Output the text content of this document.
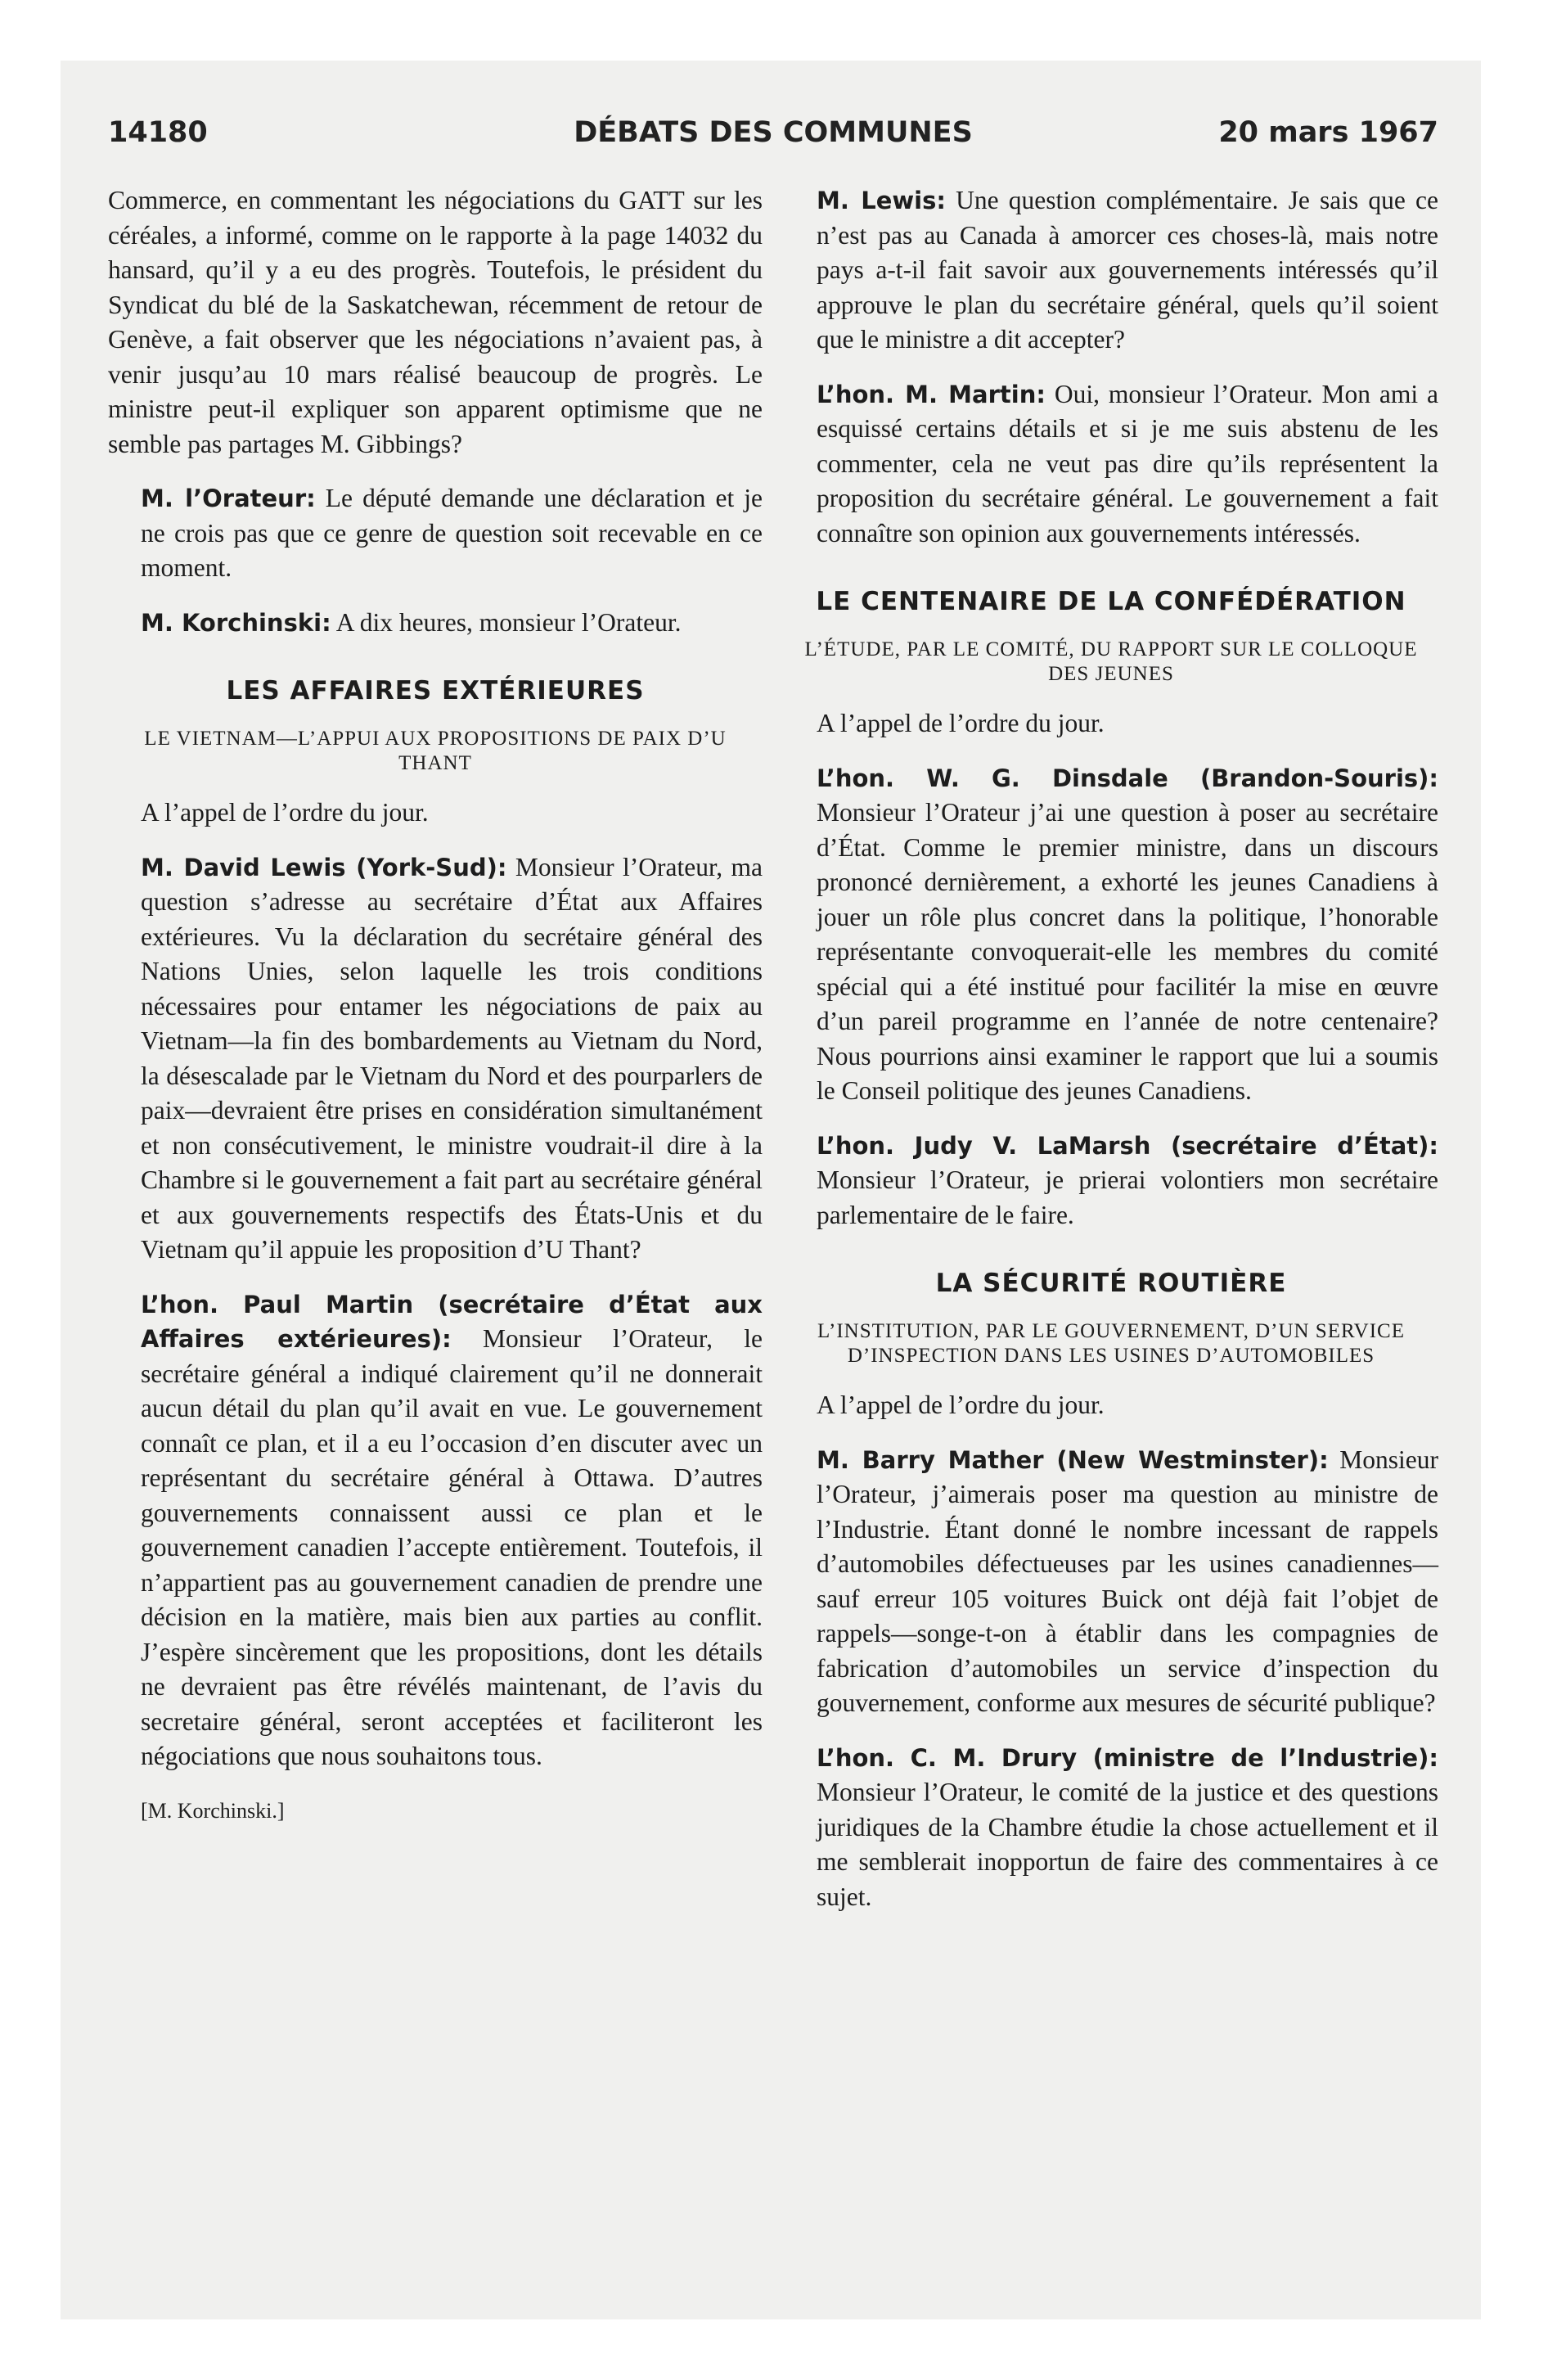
14180	DÉBATS DES COMMUNES	20 mars 1967

Commerce, en commentant les négociations du GATT sur les céréales, a informé, comme on le rapporte à la page 14032 du hansard, qu’il y a eu des progrès. Toutefois, le président du Syndicat du blé de la Saskatchewan, récemment de retour de Genève, a fait observer que les négociations n’avaient pas, à venir jusqu’au 10 mars réalisé beaucoup de progrès. Le ministre peut-il expliquer son apparent optimisme que ne semble pas partages M. Gibbings?

M. l’Orateur: Le député demande une déclaration et je ne crois pas que ce genre de question soit recevable en ce moment.

M. Korchinski: A dix heures, monsieur l’Orateur.

LES AFFAIRES EXTÉRIEURES
LE VIETNAM—L’APPUI AUX PROPOSITIONS DE PAIX D’U THANT

A l’appel de l’ordre du jour.

M. David Lewis (York-Sud): Monsieur l’Orateur, ma question s’adresse au secrétaire d’État aux Affaires extérieures. Vu la déclaration du secrétaire général des Nations Unies, selon laquelle les trois conditions nécessaires pour entamer les négociations de paix au Vietnam—la fin des bombardements au Vietnam du Nord, la désescalade par le Vietnam du Nord et des pourparlers de paix—devraient être prises en considération simultanément et non consécutivement, le ministre voudrait-il dire à la Chambre si le gouvernement a fait part au secrétaire général et aux gouvernements respectifs des États-Unis et du Vietnam qu’il appuie les proposition d’U Thant?

L’hon. Paul Martin (secrétaire d’État aux Affaires extérieures): Monsieur l’Orateur, le secrétaire général a indiqué clairement qu’il ne donnerait aucun détail du plan qu’il avait en vue. Le gouvernement connaît ce plan, et il a eu l’occasion d’en discuter avec un représentant du secrétaire général à Ottawa. D’autres gouvernements connaissent aussi ce plan et le gouvernement canadien l’accepte entièrement. Toutefois, il n’appartient pas au gouvernement canadien de prendre une décision en la matière, mais bien aux parties au conflit. J’espère sincèrement que les propositions, dont les détails ne devraient pas être révélés maintenant, de l’avis du secretaire général, seront acceptées et faciliteront les négociations que nous souhaitons tous.

[M. Korchinski.]

M. Lewis: Une question complémentaire. Je sais que ce n’est pas au Canada à amorcer ces choses-là, mais notre pays a-t-il fait savoir aux gouvernements intéressés qu’il approuve le plan du secrétaire général, quels qu’il soient que le ministre a dit accepter?

L’hon. M. Martin: Oui, monsieur l’Orateur. Mon ami a esquissé certains détails et si je me suis abstenu de les commenter, cela ne veut pas dire qu’ils représentent la proposition du secrétaire général. Le gouvernement a fait connaître son opinion aux gouvernements intéressés.

LE CENTENAIRE DE LA CONFÉDÉRATION
L’ÉTUDE, PAR LE COMITÉ, DU RAPPORT SUR LE COLLOQUE DES JEUNES

A l’appel de l’ordre du jour.

L’hon. W. G. Dinsdale (Brandon-Souris): Monsieur l’Orateur j’ai une question à poser au secrétaire d’État. Comme le premier ministre, dans un discours prononcé dernièrement, a exhorté les jeunes Canadiens à jouer un rôle plus concret dans la politique, l’honorable représentante convoquerait-elle les membres du comité spécial qui a été institué pour facilitér la mise en œuvre d’un pareil programme en l’année de notre centenaire? Nous pourrions ainsi examiner le rapport que lui a soumis le Conseil politique des jeunes Canadiens.

L’hon. Judy V. LaMarsh (secrétaire d’État): Monsieur l’Orateur, je prierai volontiers mon secrétaire parlementaire de le faire.

LA SÉCURITÉ ROUTIÈRE
L’INSTITUTION, PAR LE GOUVERNEMENT, D’UN SERVICE D’INSPECTION DANS LES USINES D’AUTOMOBILES

A l’appel de l’ordre du jour.

M. Barry Mather (New Westminster): Monsieur l’Orateur, j’aimerais poser ma question au ministre de l’Industrie. Étant donné le nombre incessant de rappels d’automobiles défectueuses par les usines canadiennes—sauf erreur 105 voitures Buick ont déjà fait l’objet de rappels—songe-t-on à établir dans les compagnies de fabrication d’automobiles un service d’inspection du gouvernement, conforme aux mesures de sécurité publique?

L’hon. C. M. Drury (ministre de l’Industrie): Monsieur l’Orateur, le comité de la justice et des questions juridiques de la Chambre étudie la chose actuellement et il me semblerait inopportun de faire des commentaires à ce sujet.
